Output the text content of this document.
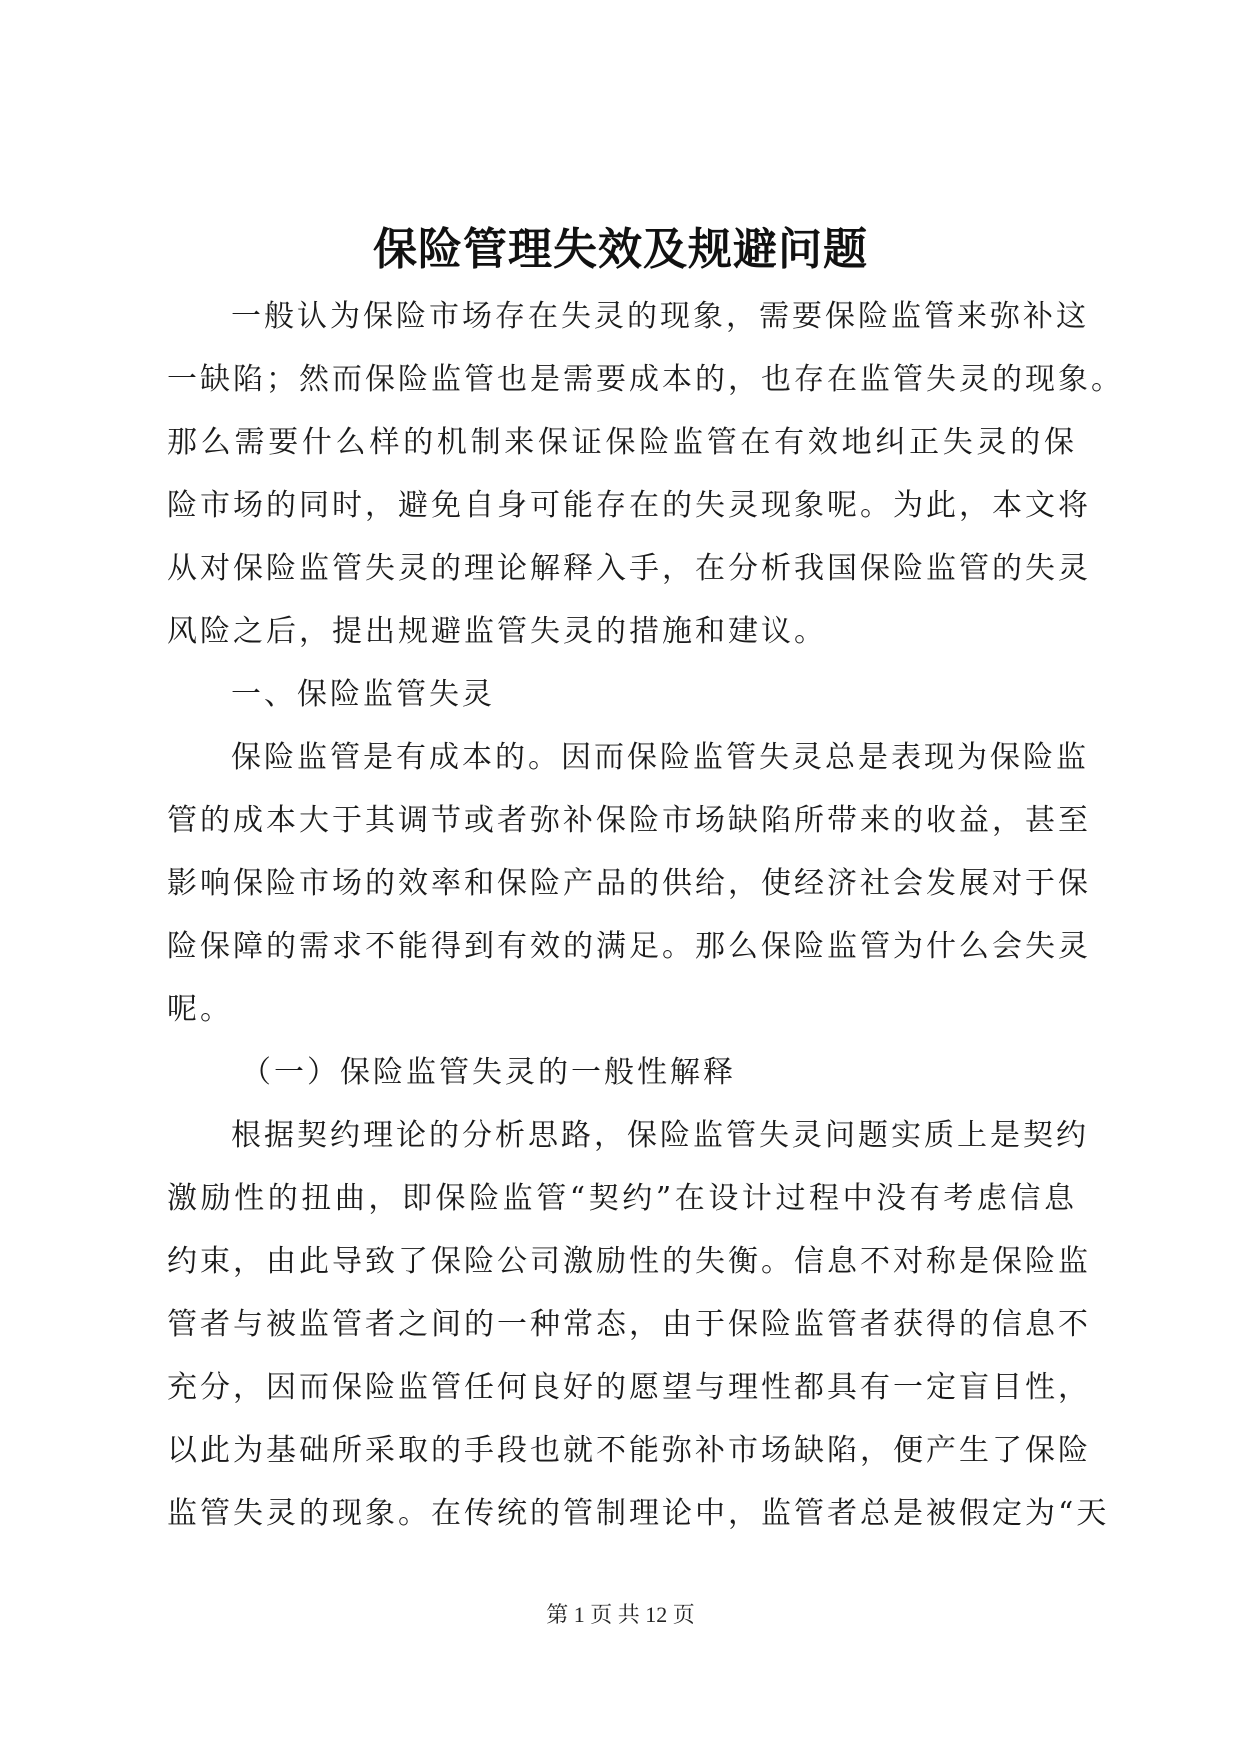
保险管理失效及规避问题
一般认为保险市场存在失灵的现象，需要保险监管来弥补这
一缺陷；然而保险监管也是需要成本的，也存在监管失灵的现象。
那么需要什么样的机制来保证保险监管在有效地纠正失灵的保
险市场的同时，避免自身可能存在的失灵现象呢。为此，本文将
从对保险监管失灵的理论解释入手，在分析我国保险监管的失灵
风险之后，提出规避监管失灵的措施和建议。
一、保险监管失灵
保险监管是有成本的。因而保险监管失灵总是表现为保险监
管的成本大于其调节或者弥补保险市场缺陷所带来的收益，甚至
影响保险市场的效率和保险产品的供给，使经济社会发展对于保
险保障的需求不能得到有效的满足。那么保险监管为什么会失灵
呢。
（一）保险监管失灵的一般性解释
根据契约理论的分析思路，保险监管失灵问题实质上是契约
激励性的扭曲，即保险监管“契约”在设计过程中没有考虑信息
约束，由此导致了保险公司激励性的失衡。信息不对称是保险监
管者与被监管者之间的一种常态，由于保险监管者获得的信息不
充分，因而保险监管任何良好的愿望与理性都具有一定盲目性，
以此为基础所采取的手段也就不能弥补市场缺陷，便产生了保险
监管失灵的现象。在传统的管制理论中，监管者总是被假定为“天
第 1 页 共 12 页
